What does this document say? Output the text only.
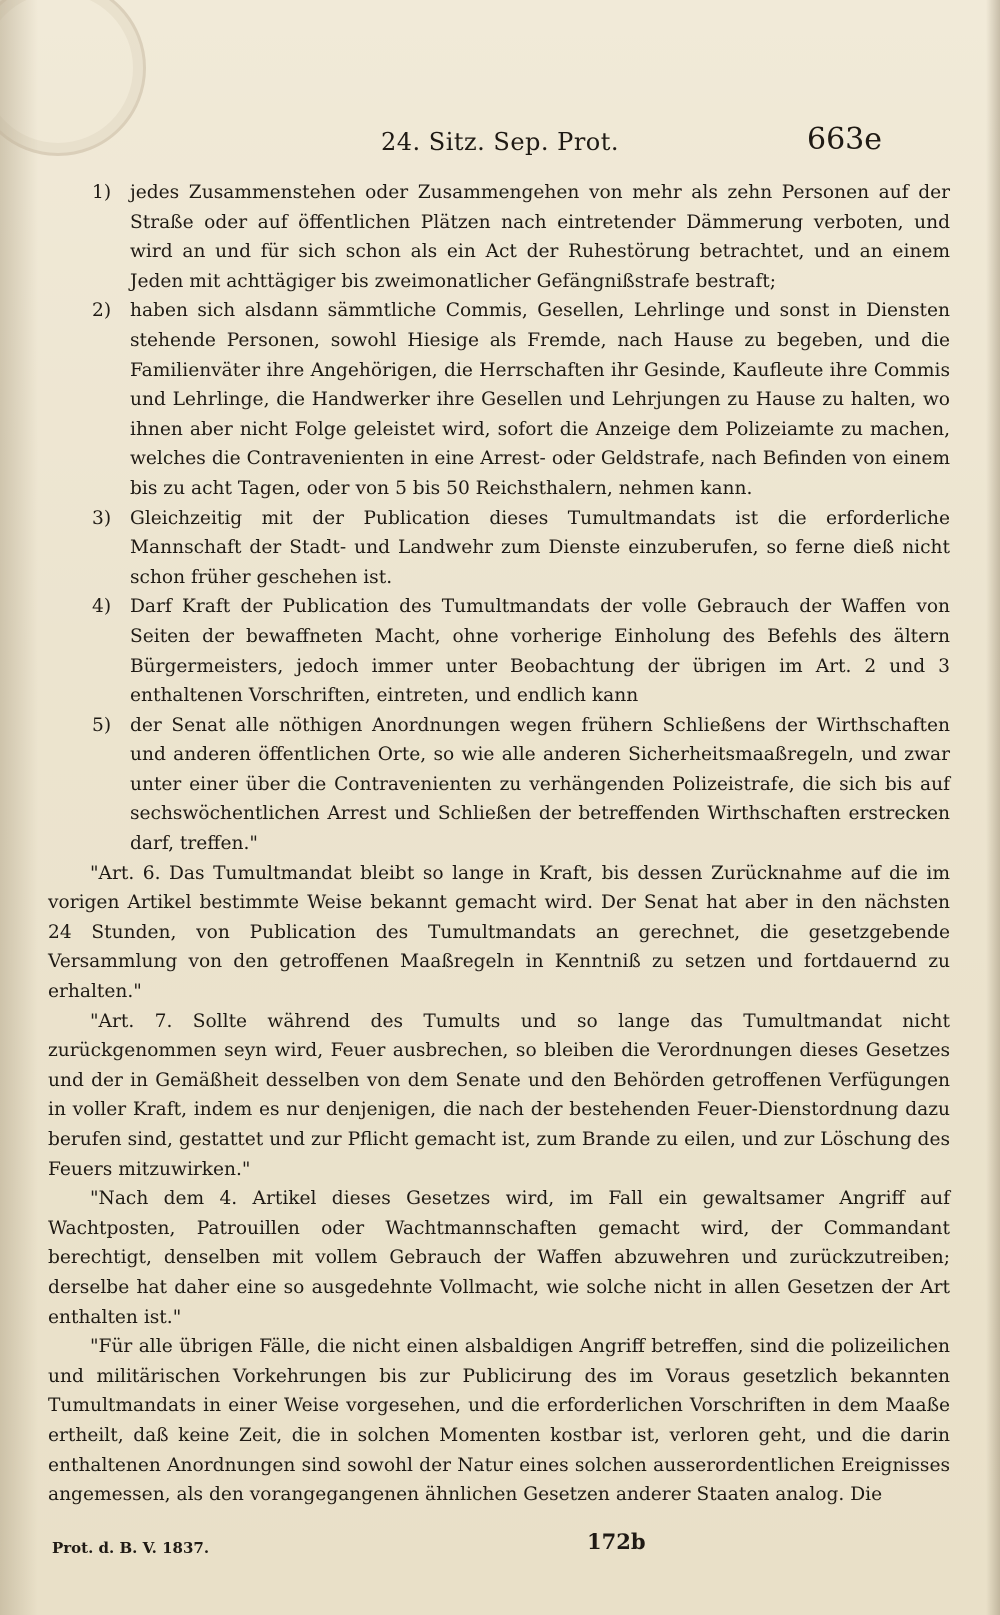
24. Sitz. Sep. Prot.	663e

1) jedes Zusammenstehen oder Zusammengehen von mehr als zehn Personen auf der Straße oder auf öffentlichen Plätzen nach eintretender Dämmerung verboten, und wird an und für sich schon als ein Act der Ruhestörung betrachtet, und an einem Jeden mit achttägiger bis zweimonatlicher Gefängnißstrafe bestraft;

2) haben sich alsdann sämmtliche Commis, Gesellen, Lehrlinge und sonst in Diensten stehende Personen, sowohl Hiesige als Fremde, nach Hause zu begeben, und die Familienväter ihre Angehörigen, die Herrschaften ihr Gesinde, Kaufleute ihre Commis und Lehrlinge, die Handwerker ihre Gesellen und Lehrjungen zu Hause zu halten, wo ihnen aber nicht Folge geleistet wird, sofort die Anzeige dem Polizeiamte zu machen, welches die Contravenienten in eine Arrest- oder Geldstrafe, nach Befinden von einem bis zu acht Tagen, oder von 5 bis 50 Reichsthalern, nehmen kann.

3) Gleichzeitig mit der Publication dieses Tumultmandats ist die erforderliche Mannschaft der Stadt- und Landwehr zum Dienste einzuberufen, so ferne dieß nicht schon früher geschehen ist.

4) Darf Kraft der Publication des Tumultmandats der volle Gebrauch der Waffen von Seiten der bewaffneten Macht, ohne vorherige Einholung des Befehls des ältern Bürgermeisters, jedoch immer unter Beobachtung der übrigen im Art. 2 und 3 enthaltenen Vorschriften, eintreten, und endlich kann

5) der Senat alle nöthigen Anordnungen wegen frühern Schließens der Wirthschaften und anderen öffentlichen Orte, so wie alle anderen Sicherheitsmaaßregeln, und zwar unter einer über die Contravenienten zu verhängenden Polizeistrafe, die sich bis auf sechswöchentlichen Arrest und Schließen der betreffenden Wirthschaften erstrecken darf, treffen."

"Art. 6. Das Tumultmandat bleibt so lange in Kraft, bis dessen Zurücknahme auf die im vorigen Artikel bestimmte Weise bekannt gemacht wird. Der Senat hat aber in den nächsten 24 Stunden, von Publication des Tumultmandats an gerechnet, die gesetzgebende Versammlung von den getroffenen Maaßregeln in Kenntniß zu setzen und fortdauernd zu erhalten."

"Art. 7. Sollte während des Tumults und so lange das Tumultmandat nicht zurückgenommen seyn wird, Feuer ausbrechen, so bleiben die Verordnungen dieses Gesetzes und der in Gemäßheit desselben von dem Senate und den Behörden getroffenen Verfügungen in voller Kraft, indem es nur denjenigen, die nach der bestehenden Feuer-Dienstordnung dazu berufen sind, gestattet und zur Pflicht gemacht ist, zum Brande zu eilen, und zur Löschung des Feuers mitzuwirken."

"Nach dem 4. Artikel dieses Gesetzes wird, im Fall ein gewaltsamer Angriff auf Wachtposten, Patrouillen oder Wachtmannschaften gemacht wird, der Commandant berechtigt, denselben mit vollem Gebrauch der Waffen abzuwehren und zurückzutreiben; derselbe hat daher eine so ausgedehnte Vollmacht, wie solche nicht in allen Gesetzen der Art enthalten ist."

"Für alle übrigen Fälle, die nicht einen alsbaldigen Angriff betreffen, sind die polizeilichen und militärischen Vorkehrungen bis zur Publicirung des im Voraus gesetzlich bekannten Tumultmandats in einer Weise vorgesehen, und die erforderlichen Vorschriften in dem Maaße ertheilt, daß keine Zeit, die in solchen Momenten kostbar ist, verloren geht, und die darin enthaltenen Anordnungen sind sowohl der Natur eines solchen ausserordentlichen Ereignisses angemessen, als den vorangegangenen ähnlichen Gesetzen anderer Staaten analog. Die

Prot. d. B. V. 1837.	172b
